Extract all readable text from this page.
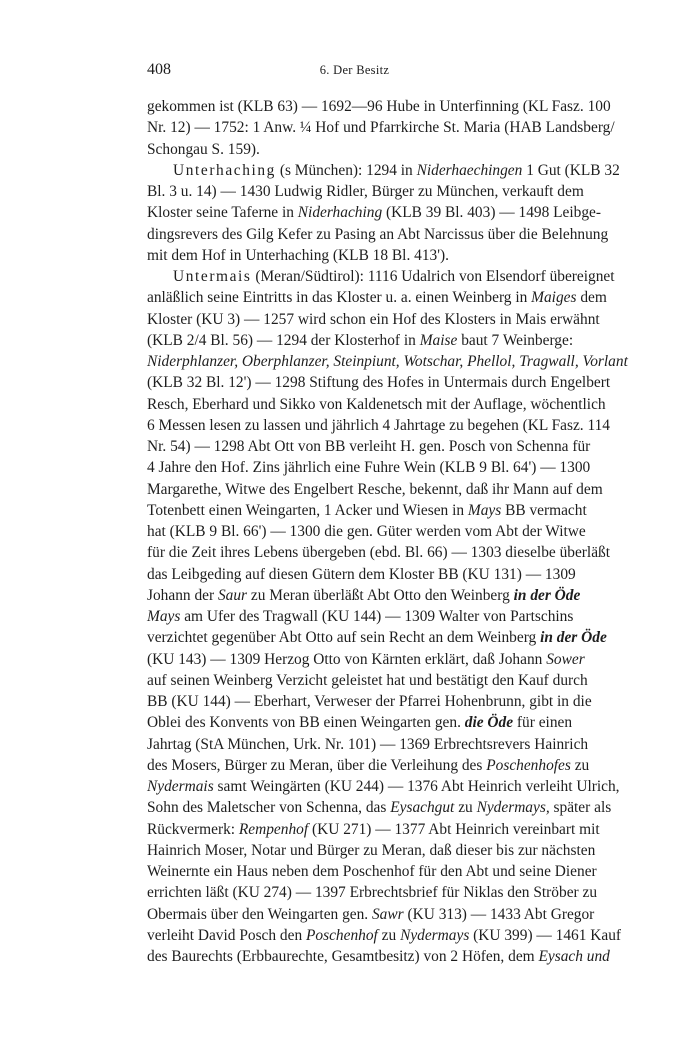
408	6. Der Besitz
gekommen ist (KLB 63) — 1692—96 Hube in Unterfinning (KL Fasz. 100
Nr. 12) — 1752: 1 Anw. ¼ Hof und Pfarrkirche St. Maria (HAB Landsberg/
Schongau S. 159).
Unterhaching (s München): 1294 in Niderhaechingen 1 Gut (KLB 32
Bl. 3 u. 14) — 1430 Ludwig Ridler, Bürger zu München, verkauft dem
Kloster seine Taferne in Niderhaching (KLB 39 Bl. 403) — 1498 Leibge-
dingsrevers des Gilg Kefer zu Pasing an Abt Narcissus über die Belehnung
mit dem Hof in Unterhaching (KLB 18 Bl. 413').
Untermais (Meran/Südtirol): 1116 Udalrich von Elsendorf übereignet
anläßlich seine Eintritts in das Kloster u. a. einen Weinberg in Maiges dem
Kloster (KU 3) — 1257 wird schon ein Hof des Klosters in Mais erwähnt
(KLB 2/4 Bl. 56) — 1294 der Klosterhof in Maise baut 7 Weinberge:
Niderphlanzer, Oberphlanzer, Steinpiunt, Wotschar, Phellol, Tragwall, Vorlant
(KLB 32 Bl. 12') — 1298 Stiftung des Hofes in Untermais durch Engelbert
Resch, Eberhard und Sikko von Kaldenetsch mit der Auflage, wöchentlich
6 Messen lesen zu lassen und jährlich 4 Jahrtage zu begehen (KL Fasz. 114
Nr. 54) — 1298 Abt Ott von BB verleiht H. gen. Posch von Schenna für
4 Jahre den Hof. Zins jährlich eine Fuhre Wein (KLB 9 Bl. 64') — 1300
Margarethe, Witwe des Engelbert Resche, bekennt, daß ihr Mann auf dem
Totenbett einen Weingarten, 1 Acker und Wiesen in Mays BB vermacht
hat (KLB 9 Bl. 66') — 1300 die gen. Güter werden vom Abt der Witwe
für die Zeit ihres Lebens übergeben (ebd. Bl. 66) — 1303 dieselbe überläßt
das Leibgeding auf diesen Gütern dem Kloster BB (KU 131) — 1309
Johann der Saur zu Meran überläßt Abt Otto den Weinberg in der Öde
Mays am Ufer des Tragwall (KU 144) — 1309 Walter von Partschins
verzichtet gegenüber Abt Otto auf sein Recht an dem Weinberg in der Öde
(KU 143) — 1309 Herzog Otto von Kärnten erklärt, daß Johann Sower
auf seinen Weinberg Verzicht geleistet hat und bestätigt den Kauf durch
BB (KU 144) — Eberhart, Verweser der Pfarrei Hohenbrunn, gibt in die
Oblei des Konvents von BB einen Weingarten gen. die Öde für einen
Jahrtag (StA München, Urk. Nr. 101) — 1369 Erbrechtsrevers Hainrich
des Mosers, Bürger zu Meran, über die Verleihung des Poschenhofes zu
Nydermais samt Weingärten (KU 244) — 1376 Abt Heinrich verleiht Ulrich,
Sohn des Maletscher von Schenna, das Eysachgut zu Nydermays, später als
Rückvermerk: Rempenhof (KU 271) — 1377 Abt Heinrich vereinbart mit
Hainrich Moser, Notar und Bürger zu Meran, daß dieser bis zur nächsten
Weinernte ein Haus neben dem Poschenhof für den Abt und seine Diener
errichten läßt (KU 274) — 1397 Erbrechtsbrief für Niklas den Ströber zu
Obermais über den Weingarten gen. Sawr (KU 313) — 1433 Abt Gregor
verleiht David Posch den Poschenhof zu Nydermays (KU 399) — 1461 Kauf
des Baurechts (Erbbaurechte, Gesamtbesitz) von 2 Höfen, dem Eysach und
